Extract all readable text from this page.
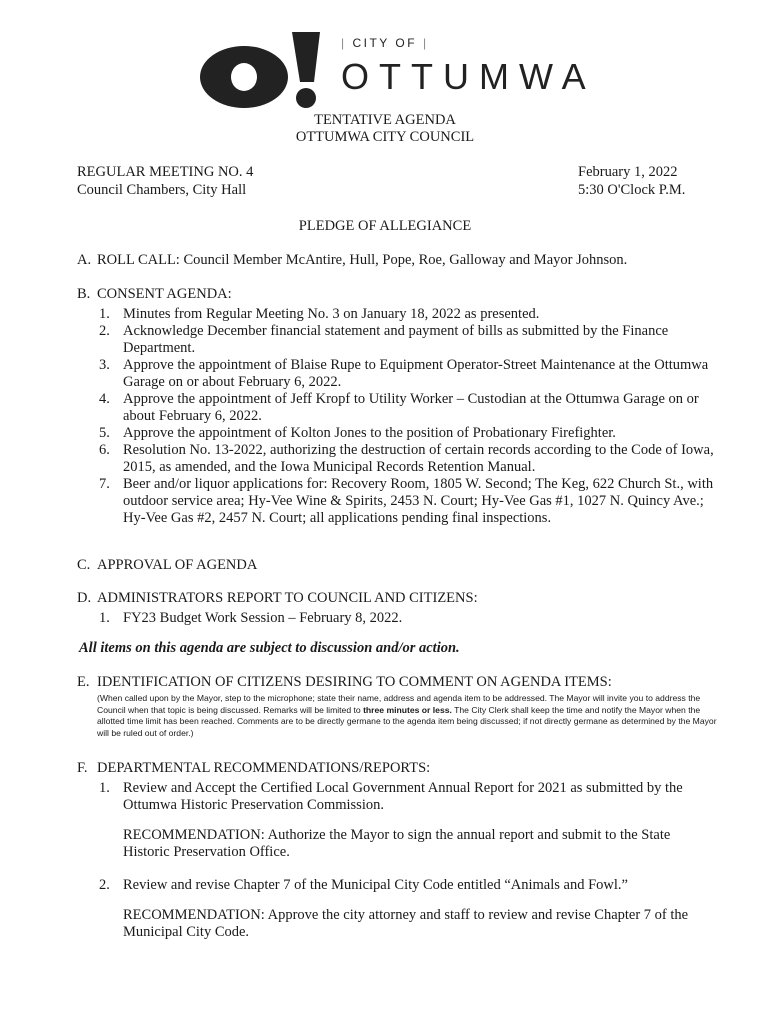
| CITY OF |
OTTUMWA
TENTATIVE AGENDA
OTTUMWA CITY COUNCIL
REGULAR MEETING NO. 4
Council Chambers, City Hall
February 1, 2022
5:30 O'Clock P.M.
PLEDGE OF ALLEGIANCE
A. ROLL CALL: Council Member McAntire, Hull, Pope, Roe, Galloway and Mayor Johnson.
B. CONSENT AGENDA:
1. Minutes from Regular Meeting No. 3 on January 18, 2022 as presented.
2. Acknowledge December financial statement and payment of bills as submitted by the Finance Department.
3. Approve the appointment of Blaise Rupe to Equipment Operator-Street Maintenance at the Ottumwa Garage on or about February 6, 2022.
4. Approve the appointment of Jeff Kropf to Utility Worker – Custodian at the Ottumwa Garage on or about February 6, 2022.
5. Approve the appointment of Kolton Jones to the position of Probationary Firefighter.
6. Resolution No. 13-2022, authorizing the destruction of certain records according to the Code of Iowa, 2015, as amended, and the Iowa Municipal Records Retention Manual.
7. Beer and/or liquor applications for: Recovery Room, 1805 W. Second; The Keg, 622 Church St., with outdoor service area; Hy-Vee Wine & Spirits, 2453 N. Court; Hy-Vee Gas #1, 1027 N. Quincy Ave.; Hy-Vee Gas #2, 2457 N. Court; all applications pending final inspections.
C. APPROVAL OF AGENDA
D. ADMINISTRATORS REPORT TO COUNCIL AND CITIZENS:
1. FY23 Budget Work Session – February 8, 2022.
All items on this agenda are subject to discussion and/or action.
E. IDENTIFICATION OF CITIZENS DESIRING TO COMMENT ON AGENDA ITEMS:
(When called upon by the Mayor, step to the microphone; state their name, address and agenda item to be addressed. The Mayor will invite you to address the Council when that topic is being discussed. Remarks will be limited to three minutes or less. The City Clerk shall keep the time and notify the Mayor when the allotted time limit has been reached. Comments are to be directly germane to the agenda item being discussed; if not directly germane as determined by the Mayor will be ruled out of order.)
F. DEPARTMENTAL RECOMMENDATIONS/REPORTS:
1. Review and Accept the Certified Local Government Annual Report for 2021 as submitted by the Ottumwa Historic Preservation Commission.
RECOMMENDATION: Authorize the Mayor to sign the annual report and submit to the State Historic Preservation Office.
2. Review and revise Chapter 7 of the Municipal City Code entitled “Animals and Fowl.”
RECOMMENDATION: Approve the city attorney and staff to review and revise Chapter 7 of the Municipal City Code.
